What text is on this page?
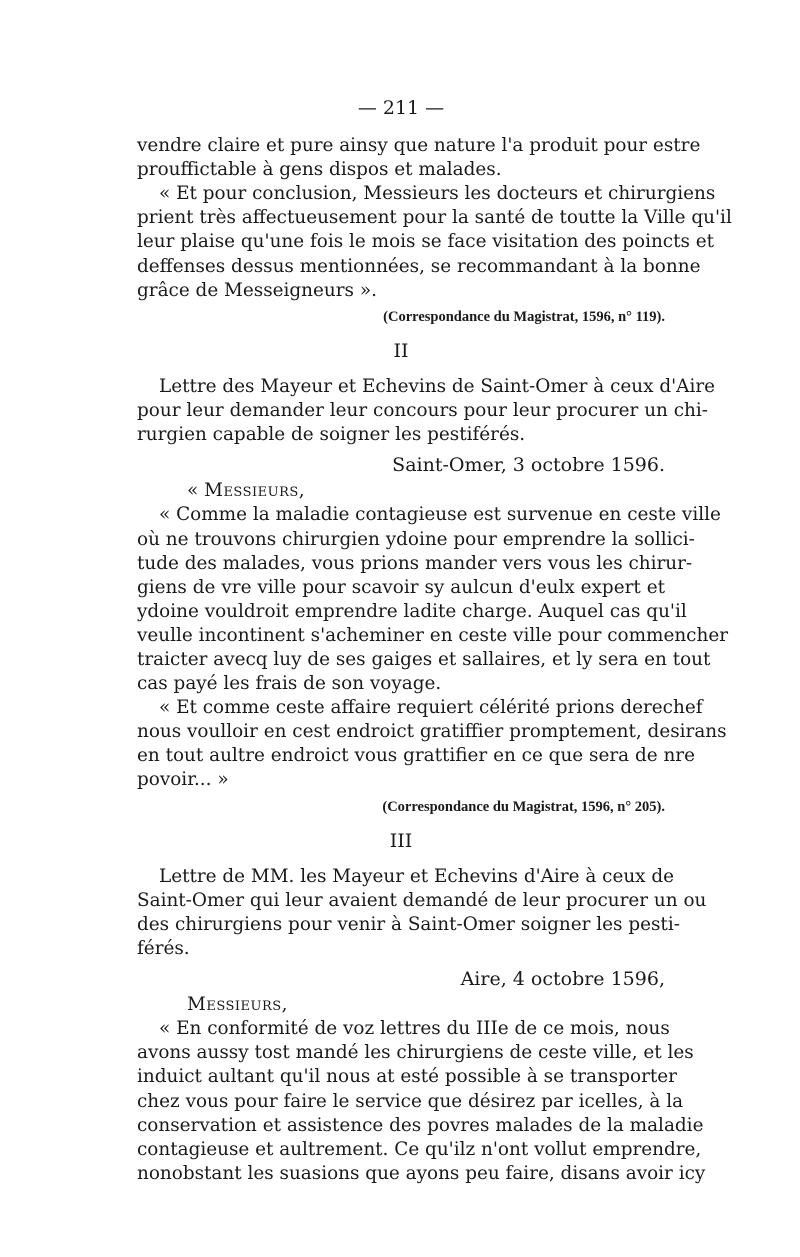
— 211 —
vendre claire et pure ainsy que nature l'a produit pour estre
prouffictable à gens dispos et malades.
« Et pour conclusion, Messieurs les docteurs et chirurgiens
prient très affectueusement pour la santé de toutte la Ville qu'il
leur plaise qu'une fois le mois se face visitation des poincts et
deffenses dessus mentionnées, se recommandant à la bonne
grâce de Messeigneurs ».
(Correspondance du Magistrat, 1596, n° 119).
II
Lettre des Mayeur et Echevins de Saint-Omer à ceux d'Aire
pour leur demander leur concours pour leur procurer un chi-
rurgien capable de soigner les pestiférés.
Saint-Omer, 3 octobre 1596.
« Messieurs,
« Comme la maladie contagieuse est survenue en ceste ville
où ne trouvons chirurgien ydoine pour emprendre la sollici-
tude des malades, vous prions mander vers vous les chirur-
giens de vre ville pour scavoir sy aulcun d'eulx expert et
ydoine vouldroit emprendre ladite charge. Auquel cas qu'il
veulle incontinent s'acheminer en ceste ville pour commencher
traicter avecq luy de ses gaiges et sallaires, et ly sera en tout
cas payé les frais de son voyage.
« Et comme ceste affaire requiert célérité prions derechef
nous voulloir en cest endroict gratiffier promptement, desirans
en tout aultre endroict vous grattifier en ce que sera de nre
povoir... »
(Correspondance du Magistrat, 1596, n° 205).
III
Lettre de MM. les Mayeur et Echevins d'Aire à ceux de
Saint-Omer qui leur avaient demandé de leur procurer un ou
des chirurgiens pour venir à Saint-Omer soigner les pesti-
férés.
Aire, 4 octobre 1596,
Messieurs,
« En conformité de voz lettres du IIIe de ce mois, nous
avons aussy tost mandé les chirurgiens de ceste ville, et les
induict aultant qu'il nous at esté possible à se transporter
chez vous pour faire le service que désirez par icelles, à la
conservation et assistence des povres malades de la maladie
contagieuse et aultrement. Ce qu'ilz n'ont vollut emprendre,
nonobstant les suasions que ayons peu faire, disans avoir icy
